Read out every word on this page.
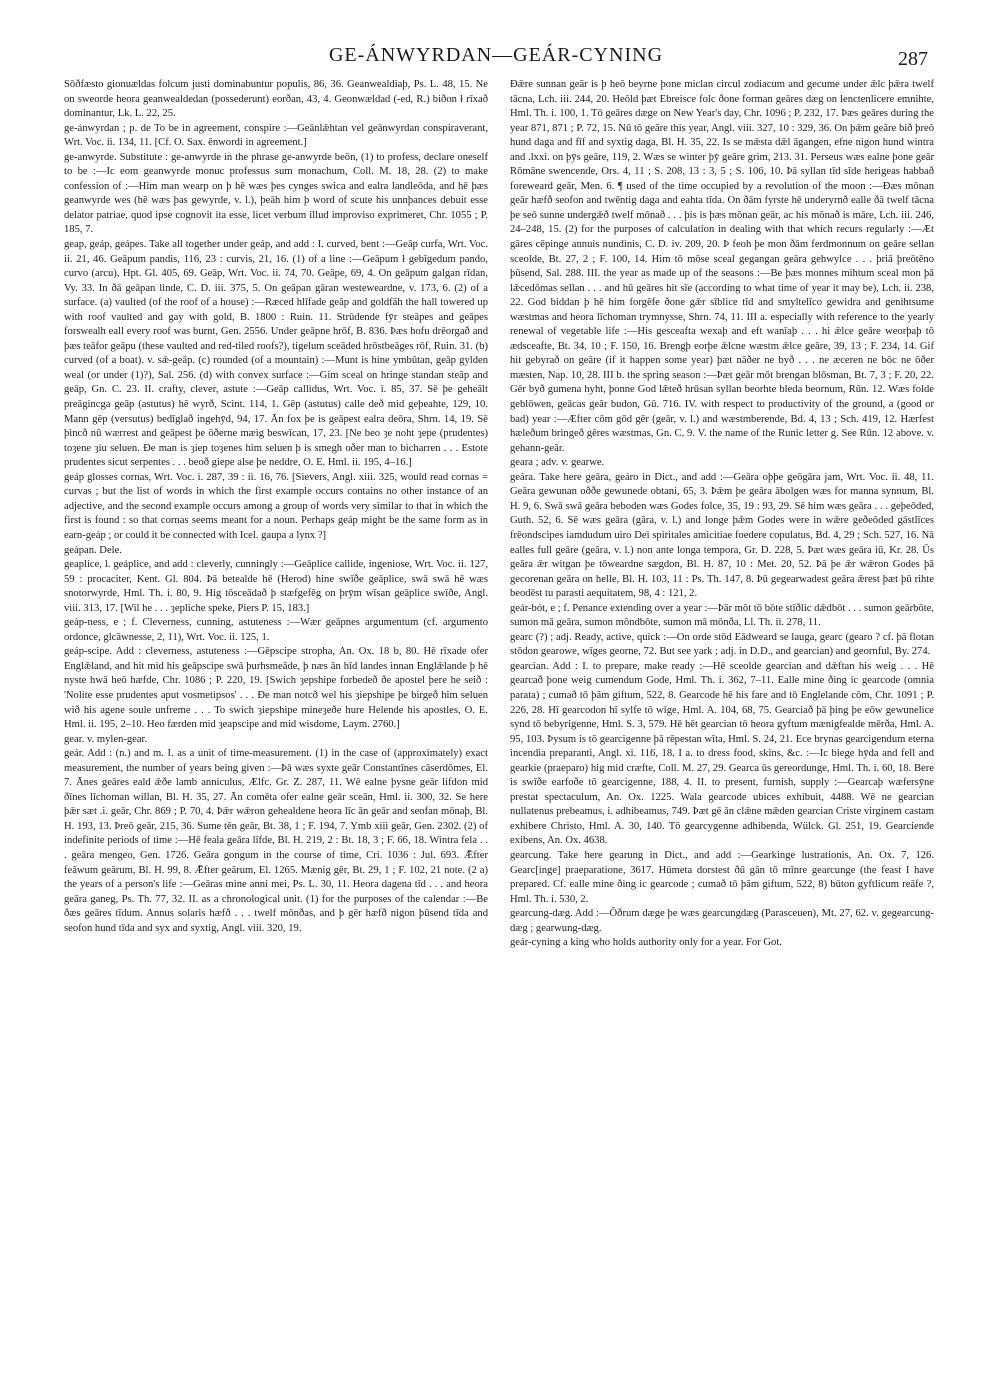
GE-ÁNWYRDAN—GEÁR-CYNING	287

Sōðfæsto gionuældas folcum justi dominabuntur populis, 86, 36. Geanwealdiaþ, Ps. L. 48, 15. Ne on sweorde heora geanwealdedan (possederunt) eorðan, 43, 4. Geonwældad (-ed, R.) biðon ł rīxað dominantur, Lk. L. 22, 25.

ge-ánwyrdan ; p. de To be in agreement, conspire :—Geānlǣhtan vel geānwyrdan conspiraverant, Wrt. Voc. ii. 134, 11. [Cf. O. Sax. ēnwordi in agreement.]

ge-anwyrde. Substitute : ge-anwyrde in the phrase ge-anwyrde beōn, (1) to profess, declare oneself to be :—Ic eom geanwyrde monuc professus sum monachum, Coll. M. 18, 28. (2) to make confession of :—Him man wearp on þ hē wæs þes cynges swica and ealra landleōda, and hē þæs geanwyrde wes (hē wæs þas gewyrde, v. l.), þeāh him þ word of scute his unnþances debuit esse delator patriae, quod ipse cognovit ita esse, licet verbum illud improviso exprimeret, Chr. 1055 ; P. 185, 7.

geap, geáp, geápes. Take all together under geáp, and add : I. curved, bent :—Geāp curfa, Wrt. Voc. ii. 21, 46. Geāpum pandis, 116, 23 : curvis, 21, 16. (1) of a line :—Geāpum ł gebīgedum pando, curvo (arcu), Hpt. Gl. 405, 69. Geāp, Wrt. Voc. ii. 74, 70. Geāpe, 69, 4. On geāpum galgan rīdan, Vy. 33. In ðā geāpan linde, C. D. iii. 375, 5. On geāpan gāran westeweardne, v. 173, 6. (2) of a surface. (a) vaulted (of the roof of a house) :—Ræced hlīfade geāp and goldfāh the hall towered up with roof vaulted and gay with gold, B. 1800 : Ruin. 11. Strūdende fȳr steāpes and geāpes forswealh eall every roof was burnt, Gen. 2556. Under geāpne hrōf, B. 836. Þæs hofu drēorgað and þæs teāfor geāpu (these vaulted and red-tiled roofs?), tigelum sceāded hrōstbeāges rōf, Ruin. 31. (b) curved (of a boat). v. sǣ-geāp. (c) rounded (of a mountain) :—Munt is hine ymbūtan, geāp gylden weal (or under (1)?), Sal. 256. (d) with convex surface :—Gim sceal on hringe standan steāp and geāp, Gn. C. 23. II. crafty, clever, astute :—Geāp callidus, Wrt. Voc. i. 85, 37. Sē þe geheālt preāgincga geāp (astutus) hē wyrð, Scint. 114, 1. Gēp (astutus) calle deð mid geþeahte, 129, 10. Mann gēp (versutus) bedīglað ingehȳd, 94, 17. Ān fox þe is geāpest ealra deōra, Shrn. 14, 19. Sē þincð nū wærrest and geāpest þe ōðerne mæig beswīcan, 17, 23. [Ne beo ȝe noht ȝepe (prudentes) toȝene ȝiu seluen. Ðe man is ȝiep toȝenes him seluen þ is smegh oðer man to bicharren . . . Estote prudentes sicut serpentes . . . beoð giepe alse þe neddre, O. E. Hml. ii. 195, 4–16.]

geáp glosses cornas, Wrt. Voc. i. 287, 39 : ii. 16, 76. [Sievers, Angl. xiii. 325, would read cornas = curvas ; but the list of words in which the first example occurs contains no other instance of an adjective, and the second example occurs among a group of words very similar to that in which the first is found : so that cornas seems meant for a noun. Perhaps geáp might be the same form as in earn-geáp ; or could it be connected with Icel. gaupa a lynx ?]

geápan. Dele.

geaplice, l. geáplice, and add : cleverly, cunningly :—Geāplice callide, ingeniose, Wrt. Voc. ii. 127, 59 : procaciter, Kent. Gl. 804. Þā betealde hē (Herod) hine swīðe geāplice, swā swā hē wæs snotorwyrde, Hml. Th. i. 80, 9. Hig tōsceādað þ stæfgefēg on þrȳm wīsan geāplice swīðe, Angl. viii. 313, 17. [Wil he . . . ȝepliche speke, Piers P. 15, 183.]

geáp-ness, e ; f. Cleverness, cunning, astuteness :—Wær geāpnes argumentum (cf. argumento ordonce, glcāwnesse, 2, 11), Wrt. Voc. ii. 125, 1.

geáp-scipe. Add : cleverness, astuteness :—Gēpscipe stropha, An. Ox. 18 b, 80. Hē rīxade ofer Englǣland, and hit mid his geāpscipe swā þurhsmeāde, þ næs ān hīd landes innan Englǣlande þ hē nyste hwā heō hæfde, Chr. 1086 ; P. 220, 19. [Swich ȝepshipe forbedeð ðe apostel þere he seið : 'Nolite esse prudentes aput vosmetipsos' . . . Ðe man notcð wel his ȝiepshipe þe birgeð him seluen wið his agene soule unfreme . . . To swich ȝiepshipe mineȝeðe hure Helende his apostles, O. E. Hml. ii. 195, 2–10. Heo færden mid ȝeapscipe and mid wisdome, Laym. 2760.]

gear. v. mylen-gear.

geár. Add : (n.) and m. I. as a unit of time-measurement. (1) in the case of (approximately) exact measurement, the number of years being given :—Þā wæs syxte geār Constantīnes cāserdōmes, El. 7. Ānes geāres eald ǣðe lamb anniculus, Ælfc. Gr. Z. 287, 11. Wē ealne þysne geār lifdon mid ðīnes līchoman willan, Bl. H. 35, 27. Ān comēta ofer ealne geār sceān, Hml. ii. 300, 32. Se here þǣr sæt .i. geār, Chr. 869 ; P. 70, 4. Þǣr wǣron gehealdene heora līc ān geār and seofan mōnaþ, Bl. H. 193, 13. Þreō geār, 215, 36. Sume tēn geār, Bt. 38, 1 ; F. 194, 7. Ymb xiii geār, Gen. 2302. (2) of indefinite periods of time :—Hē feala geāra līfde, Bl. H. 219, 2 : Bt. 18, 3 ; F. 66, 18. Wintra fela . . . geāra mengeo, Gen. 1726. Geāra gongum in the course of time, Cri. 1036 : Jul. 693. Ǣfter feāwum geārum, Bl. H. 99, 8. Ǣfter geārum, El. 1265. Mænig gēr, Bt. 29, 1 ; F. 102, 21 note. (2 a) the years of a person's life :—Geāras mine anni mei, Ps. L. 30, 11. Heora dagena tīd . . . and heora geāra ganeg, Ps. Th. 77, 32. II. as a chronological unit. (1) for the purposes of the calendar :—Be ðæs geāres tīdum. Annus solaris hæfð . . . twelf mōnðas, and þ gēr hæfð nigon þūsend tīda and seofon hund tīda and syx and syxtig, Angl. viii. 320, 19.

Ðǣre sunnan geār is þ heō beyrne þone miclan circul zodiacum and gecume under ǣlc þǣra twelf tācna, Lch. iii. 244, 20. Heōld þæt Ebreisce folc ðone forman geāres dæg on lenctenlicere emnihte, Hml. Th. i. 100, 1. Tō geāres dæge on New Year's day, Chr. 1096 ; P. 232, 17. Þæs geāres during the year 871, 871 ; P. 72, 15. Nū tō geāre this year, Angl. viii. 327, 10 : 329, 36. On þǣm geāre bið þreō hund daga and fīf and syxtig daga, Bl. H. 35, 22. Is se mǣsta dǣl āgangen, efne nigon hund wintra and .lxxi. on þȳs geāre, 119, 2. Wæs se winter þȳ geāre grim, 213. 31. Perseus wæs ealne þone geār Rōmāne swencende, Ors. 4, 11 ; S. 208, 13 : 3, 5 ; S. 106, 10. Þā syllan tīd sīde herigeas habbað foreweard geār, Men. 6. ¶ used of the time occupied by a revolution of the moon :—Ðæs mōnan geār hæfð seofon and twēntig daga and eahta tīda. On ðām fyrste hē underyrnð ealle ðā twelf tācna þe seō sunne undergǣð twelf mōnað . . . þis is þæs mōnan geār, ac his mōnað is māre, Lch. iii. 246, 24–248, 15. (2) for the purposes of calculation in dealing with that which recurs regularly :—Æt gāres cēpinge annuis nundinis, C. D. iv. 209, 20. Þ feoh þe mon ðām ferdmonnum on geāre sellan sceolde, Bt. 27, 2 ; F. 100, 14. Him tō mōse sceal gegangan geāra gehwylce . . . þriā þreōtēno þūsend, Sal. 288. III. the year as made up of the seasons :—Be þæs monnes mihtum sceal mon þā lǣcedōmas sellan . . . and hū geāres hit sīe (according to what time of year it may be), Lch. ii. 238, 22. God biddan þ hē him forgēfe ðone gǣr sīblice tīd and smyltelīco gewidra and genihtsume wæstmas and heora līchoman trymnysse, Shrn. 74, 11. III a. especially with reference to the yearly renewal of vegetable life :—His gesceafta wexaþ and eft wanīaþ . . . hi ǣlce geāre weorþaþ tō ædsceafte, Bt. 34, 10 ; F. 150, 16. Brengþ eorþe ǣlcne wæstm ǣlce geāre, 39, 13 ; F. 234, 14. Gif hit gebyrað on geāre (if it happen some year) þæt nāðer ne byð . . . ne æceren ne bōc ne ōðer mæsten, Nap. 10, 28. III b. the spring season :—Þæt geār mōt brengan blōsman, Bt. 7, 3 ; F. 20, 22. Gēr byð gumena hyht, þonne God lǣteð hrūsan syllan beorhte bleda beornum, Rūn. 12. Wæs folde geblōwen, geācas geār budon, Gū. 716. IV. with respect to productivity of the ground, a (good or bad) year :—Æfter cōm gōd gēr (geār, v. l.) and wæstmberende, Bd. 4, 13 ; Sch. 419, 12. Hærfest hæleðum bringeð gēres wæstmas, Gn. C. 9. V. the name of the Runic letter g. See Rūn. 12 above. v. gehann-geār.

geara ; adv. v. gearwe.

geára. Take here geāra, geáro in Dict., and add :—Geāra oþþe geōgāra jam, Wrt. Voc. ii. 48, 11. Geāra gewunan oððe gewunede obtani, 65, 3. Þǣm þe geāra ābolgen wæs for manna synnum, Bl. H. 9, 6. Swā swā geāra beboden wæs Godes folce, 35, 19 : 93, 29. Sē him wæs geāra . . . geþeōded, Guth. 52, 6. Sē wæs geāra (gāra, v. l.) and longe þǣm Godes were in wǣre geðeōded gāstlīces frēondscipes iamdudum uiro Dei spiritales amicitiae foedere copulatus, Bd. 4, 29 ; Sch. 527, 16. Nā ealles full geāre (geāra, v. l.) non ante longa tempora, Gr. D. 228, 5. Þæt wæs geāra iū, Kr. 28. Ūs geāra ǣr witgan þe tōweardne sægdon, Bl. H. 87, 10 : Met. 20, 52. Þā þe ǣr wǣron Godes þā gecorenan geāra on helle, Bl. H. 103, 11 : Ps. Th. 147, 8. Þū gegearwadest geāra ǣrest þæt þū rihte beodēst tu parasti aequitatem, 98, 4 : 121, 2.

geár-bót, e ; f. Penance extending over a year :—Þār mōt tō bōte stīðlic dǣdbōt . . . sumon geārbōte, sumon mā geāra, sumon mōndbōte, sumon mā mōnða, Ll. Th. ii. 278, 11.

gearc (?) ; adj. Ready, active, quick :—On orde stōd Eādweard se lauga, gearc (gearo ? cf. þā flotan stōdon gearowe, wīges georne, 72. But see yark ; adj. in D.D., and gearcian) and geornful, By. 274.

gearcian. Add : I. to prepare, make ready :—Hē sceolde gearcian and dǣftan his weig . . . Hē gearcað þone weig cumendum Gode, Hml. Th. i. 362, 7–11. Ealle mine ðing ic gearcode (omnia parata) ; cumað tō þām giftum, 522, 8. Gearcode hē his fare and tō Englelande cōm, Chr. 1091 ; P. 226, 28. Hī gearcodon hī sylfe tō wīge, Hml. A. 104, 68, 75. Gearciað þā þing þe eōw gewunelice synd tō bebyrigenne, Hml. S. 3, 579. Hē hēt gearcian tō heora gyftum mænigfealde mērða, Hml. A. 95, 103. Þysum is tō gearcigenne þā rēpestan wīta, Hml. S. 24, 21. Ece brynas gearcigendum eterna incendia preparanti, Angl. xi. 116, 18. I a. to dress food, skins, &c. :—Ic biege hȳda and fell and gearkie (praeparo) hig mid cræfte, Coll. M. 27, 29. Gearca ūs gereordunge, Hml. Th. i. 60, 18. Bere is swīðe earfoðe tō gearcigenne, 188, 4. II. to present, furnish, supply :—Gearcaþ wæfersȳne prestat spectaculum, An. Ox. 1225. Wala gearcode ubices exhibuit, 4488. Wē ne gearcian nullatenus prebeamus, i. adhibeamus, 749. Þæt gē ān clǣne mǣden gearcian Criste virginem castam exhibere Christo, Hml. A. 30, 140. Tō gearcygenne adhibenda, Wülck. Gl. 251, 19. Gearciende exibens, An. Ox. 4638.

gearcung. Take here gearung in Dict., and add :—Gearkinge lustrationis, An. Ox. 7, 126. Gearc[inge] praeparatione, 3617. Hūmeta dorstest ðū gān tō mīnre gearcunge (the feast I have prepared. Cf. ealle mine ðing ic gearcode ; cumað tō þām giftum, 522, 8) būton gyftlicum reāfe ?, Hml. Th. i. 530, 2.

gearcung-dæg. Add :—Ōðrum dæge þe wæs gearcungdæg (Parasceuen), Mt. 27, 62. v. gegearcung-dæg ; gearwung-dæg.

geár-cyning a king who holds authority only for a year. For Got.
